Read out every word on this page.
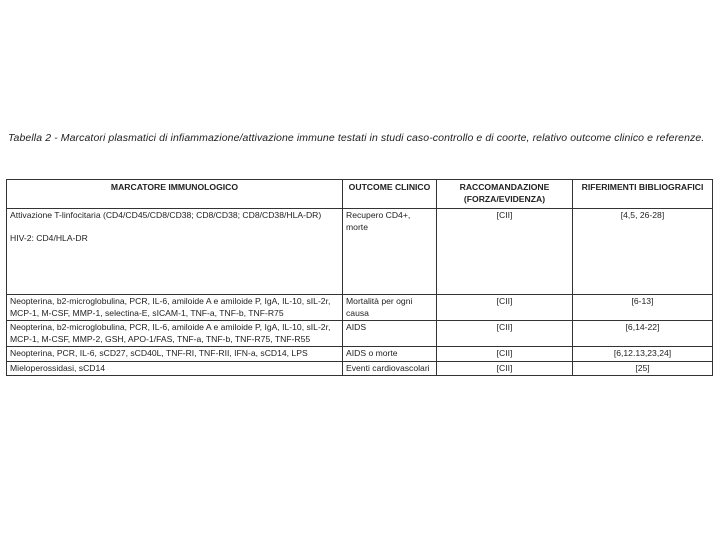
Tabella 2 - Marcatori plasmatici di infiammazione/attivazione immune testati in studi caso-controllo e di coorte, relativo outcome clinico e referenze.
MARCATORE IMMUNOLOGICO	OUTCOME CLINICO	RACCOMANDAZIONE (FORZA/EVIDENZA)	RIFERIMENTI BIBLIOGRAFICI

Attivazione T-linfocitaria (CD4/CD45/CD8/CD38; CD8/CD38; CD8/CD38/HLA-DR)
HIV-2: CD4/HLA-DR	Recupero CD4+, morte	[CII]	[4,5, 26-28]
Neopterina, b2-microglobulina, PCR, IL-6, amiloide A e amiloide P, IgA, IL-10, sIL-2r, MCP-1, M-CSF, MMP-1, selectina-E, sICAM-1, TNF-a, TNF-b, TNF-R75	Mortalità per ogni causa	[CII]	[6-13]
Neopterina, b2-microglobulina, PCR, IL-6, amiloide A e amiloide P, IgA, IL-10, sIL-2r, MCP-1, M-CSF, MMP-2, GSH, APO-1/FAS, TNF-a, TNF-b, TNF-R75, TNF-R55	AIDS	[CII]	[6,14-22]
Neopterina, PCR, IL-6, sCD27, sCD40L, TNF-RI, TNF-RII, IFN-a, sCD14, LPS	AIDS o morte	[CII]	[6,12.13,23,24]
Mieloperossidasi, sCD14	Eventi cardiovascolari	[CII]	[25]
